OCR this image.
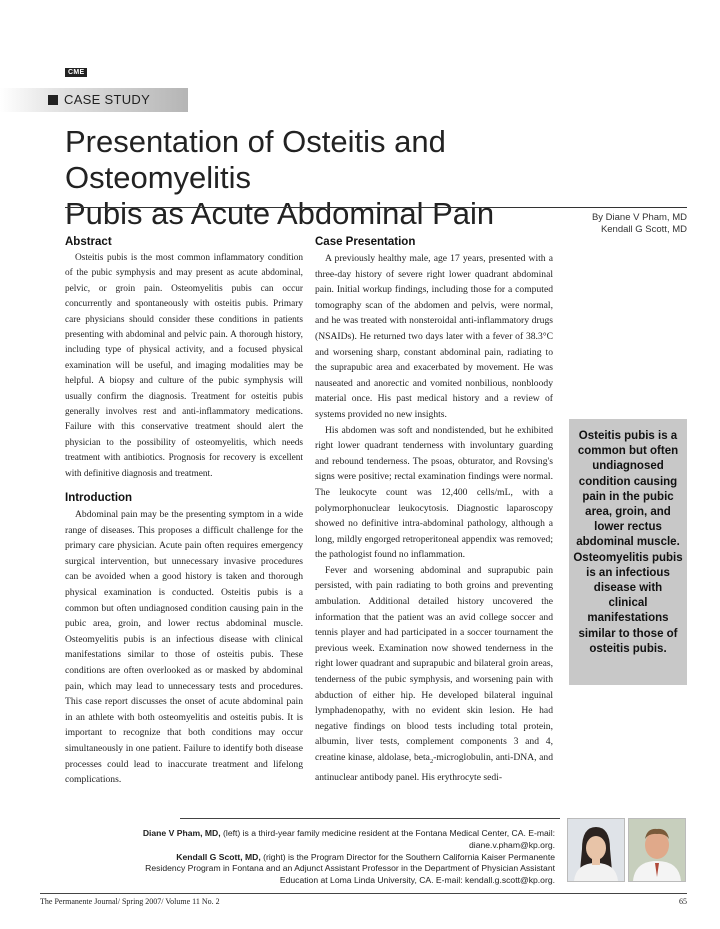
CME
CASE STUDY
Presentation of Osteitis and Osteomyelitis
Pubis as Acute Abdominal Pain	By Diane V Pham, MD
Kendall G Scott, MD
Abstract

Osteitis pubis is the most common inflammatory condition of the pubic symphysis and may present as acute abdominal, pelvic, or groin pain. Osteomyelitis pubis can occur concurrently and spontaneously with osteitis pubis. Primary care physicians should consider these conditions in patients presenting with abdominal and pelvic pain. A thorough history, including type of physical activity, and a focused physical examination will be useful, and imaging modalities may be helpful. A biopsy and culture of the pubic symphysis will usually confirm the diagnosis. Treatment for osteitis pubis generally involves rest and anti-inflammatory medications. Failure with this conservative treatment should alert the physician to the possibility of osteomyelitis, which needs treatment with antibiotics. Prognosis for recovery is excellent with definitive diagnosis and treatment.

Introduction

Abdominal pain may be the presenting symptom in a wide range of diseases. This proposes a difficult challenge for the primary care physician. Acute pain often requires emergency surgical intervention, but unnecessary invasive procedures can be avoided when a good history is taken and thorough physical examination is conducted. Osteitis pubis is a common but often undiagnosed condition causing pain in the pubic area, groin, and lower rectus abdominal muscle. Osteomyelitis pubis is an infectious disease with clinical manifestations similar to those of osteitis pubis. These conditions are often overlooked as or masked by abdominal pain, which may lead to unnecessary tests and procedures. This case report discusses the onset of acute abdominal pain in an athlete with both osteomyelitis and osteitis pubis. It is important to recognize that both conditions may occur simultaneously in one patient. Failure to identify both disease processes could lead to inaccurate treatment and lifelong complications.

Case Presentation

A previously healthy male, age 17 years, presented with a three-day history of severe right lower quadrant abdominal pain. Initial workup findings, including those for a computed tomography scan of the abdomen and pelvis, were normal, and he was treated with nonsteroidal anti-inflammatory drugs (NSAIDs). He returned two days later with a fever of 38.3°C and worsening sharp, constant abdominal pain, radiating to the suprapubic area and exacerbated by movement. He was nauseated and anorectic and vomited nonbilious, nonbloody material once. His past medical history and a review of systems provided no new insights.

His abdomen was soft and nondistended, but he exhibited right lower quadrant tenderness with involuntary guarding and rebound tenderness. The psoas, obturator, and Rovsing's signs were positive; rectal examination findings were normal. The leukocyte count was 12,400 cells/mL, with a polymorphonuclear leukocytosis. Diagnostic laparoscopy showed no definitive intra-abdominal pathology, although a long, mildly engorged retroperitoneal appendix was removed; the pathologist found no inflammation.

Fever and worsening abdominal and suprapubic pain persisted, with pain radiating to both groins and preventing ambulation. Additional detailed history uncovered the information that the patient was an avid college soccer and tennis player and had participated in a soccer tournament the previous week. Examination now showed tenderness in the right lower quadrant and suprapubic and bilateral groin areas, tenderness of the pubic symphysis, and worsening pain with abduction of either hip. He developed bilateral inguinal lymphadenopathy, with no evident skin lesion. He had negative findings on blood tests including total protein, albumin, liver tests, complement components 3 and 4, creatine kinase, aldolase, beta$_2$-microglobulin, anti-DNA, and antinuclear antibody panel. His erythrocyte sedi-

Osteitis pubis is a common but often undiagnosed condition causing pain in the pubic area, groin, and lower rectus abdominal muscle. Osteomyelitis pubis is an infectious disease with clinical manifestations similar to those of osteitis pubis.
Diane V Pham, MD, (left) is a third-year family medicine resident at the Fontana Medical Center, CA. E-mail: diane.v.pham@kp.org.
Kendall G Scott, MD, (right) is the Program Director for the Southern California Kaiser Permanente Residency Program in Fontana and an Adjunct Assistant Professor in the Department of Physician Assistant Education at Loma Linda University, CA. E-mail: kendall.g.scott@kp.org.
The Permanente Journal/ Spring 2007/ Volume 11 No. 2	65
